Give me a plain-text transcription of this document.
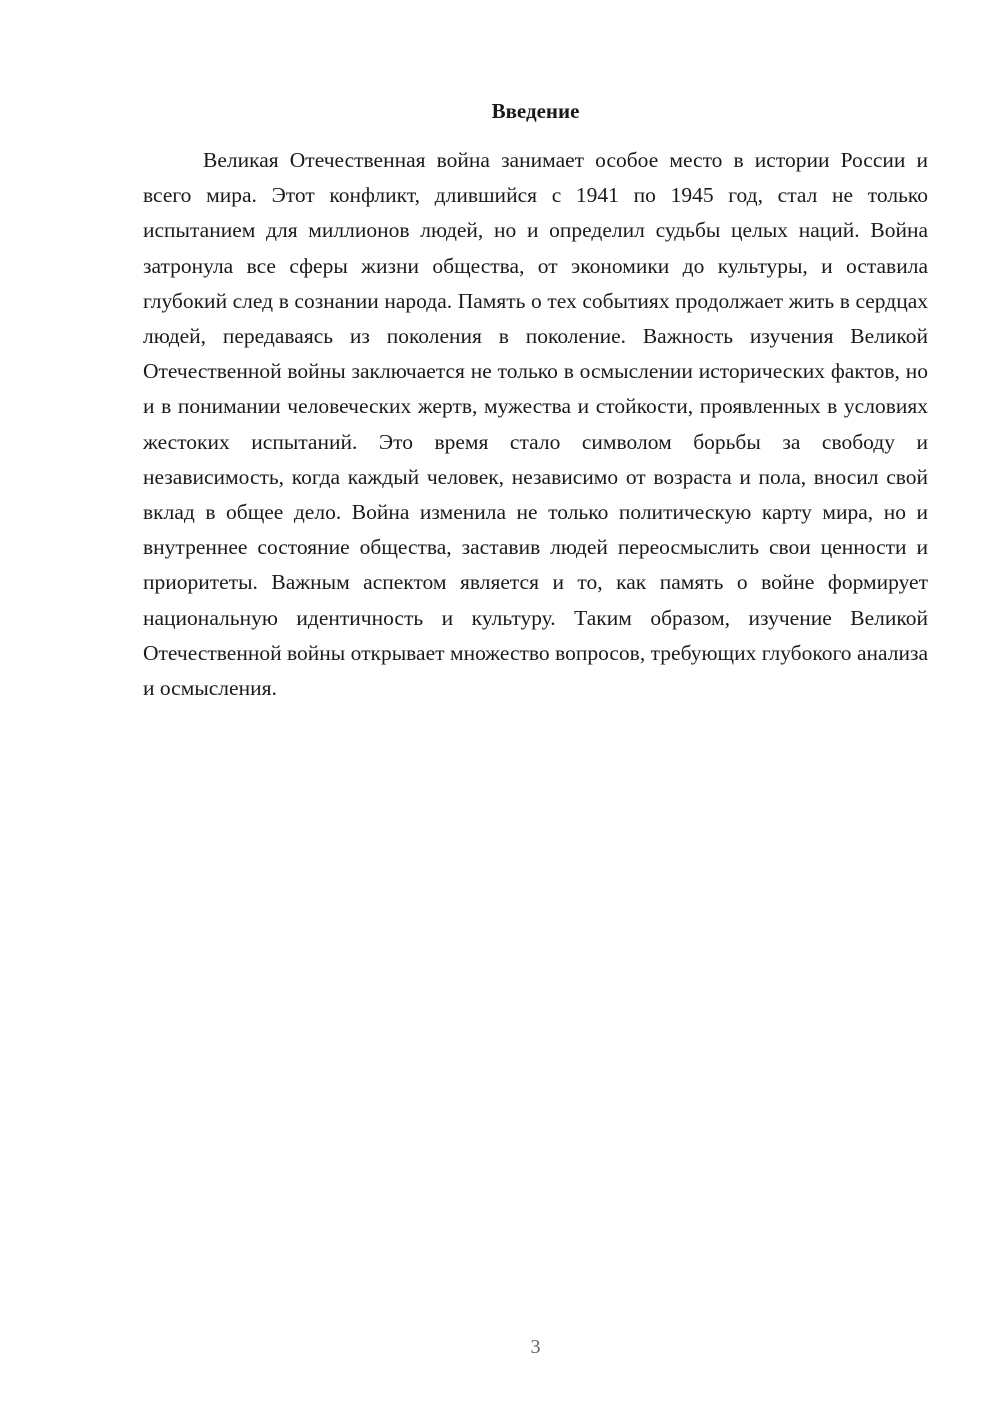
Введение

Великая Отечественная война занимает особое место в истории России и всего мира. Этот конфликт, длившийся с 1941 по 1945 год, стал не только испытанием для миллионов людей, но и определил судьбы целых наций. Война затронула все сферы жизни общества, от экономики до культуры, и оставила глубокий след в сознании народа. Память о тех событиях продолжает жить в сердцах людей, передаваясь из поколения в поколение. Важность изучения Великой Отечественной войны заключается не только в осмыслении исторических фактов, но и в понимании человеческих жертв, мужества и стойкости, проявленных в условиях жестоких испытаний. Это время стало символом борьбы за свободу и независимость, когда каждый человек, независимо от возраста и пола, вносил свой вклад в общее дело. Война изменила не только политическую карту мира, но и внутреннее состояние общества, заставив людей переосмыслить свои ценности и приоритеты. Важным аспектом является и то, как память о войне формирует национальную идентичность и культуру. Таким образом, изучение Великой Отечественной войны открывает множество вопросов, требующих глубокого анализа и осмысления.

3
